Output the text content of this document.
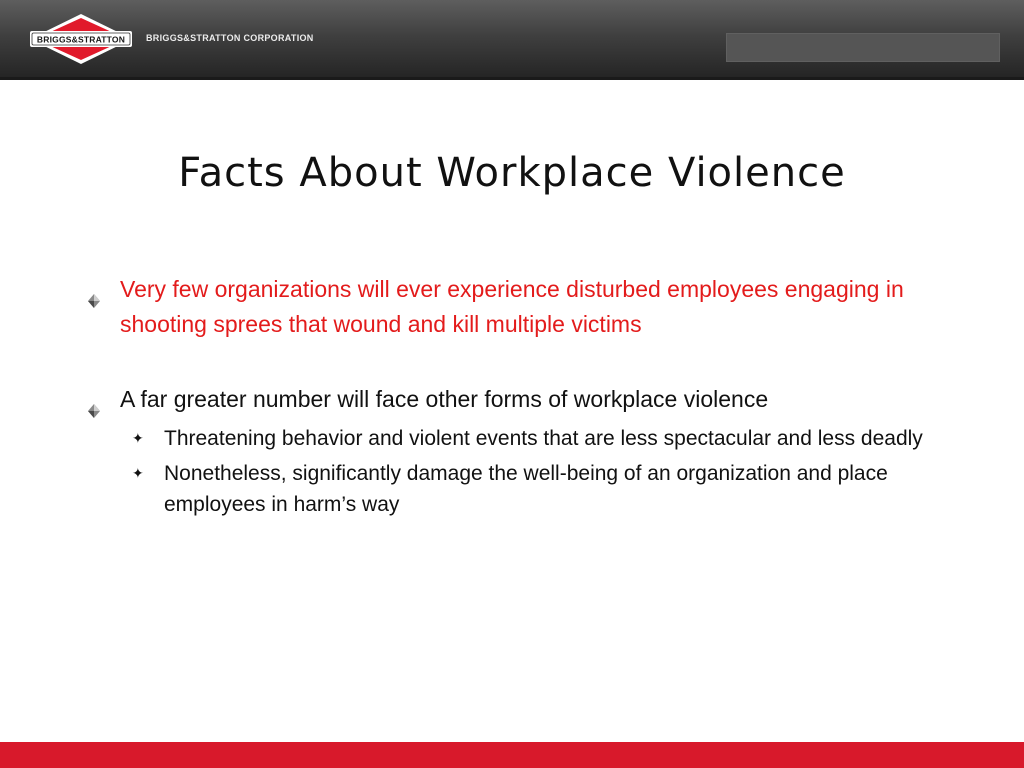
BRIGGS&STRATTON BRIGGS&STRATTON CORPORATION
Facts About Workplace Violence
Very few organizations will ever experience disturbed employees engaging in shooting sprees that wound and kill multiple victims
A far greater number will face other forms of workplace violence
✦ Threatening behavior and violent events that are less spectacular and less deadly
✦ Nonetheless, significantly damage the well-being of an organization and place employees in harm’s way
